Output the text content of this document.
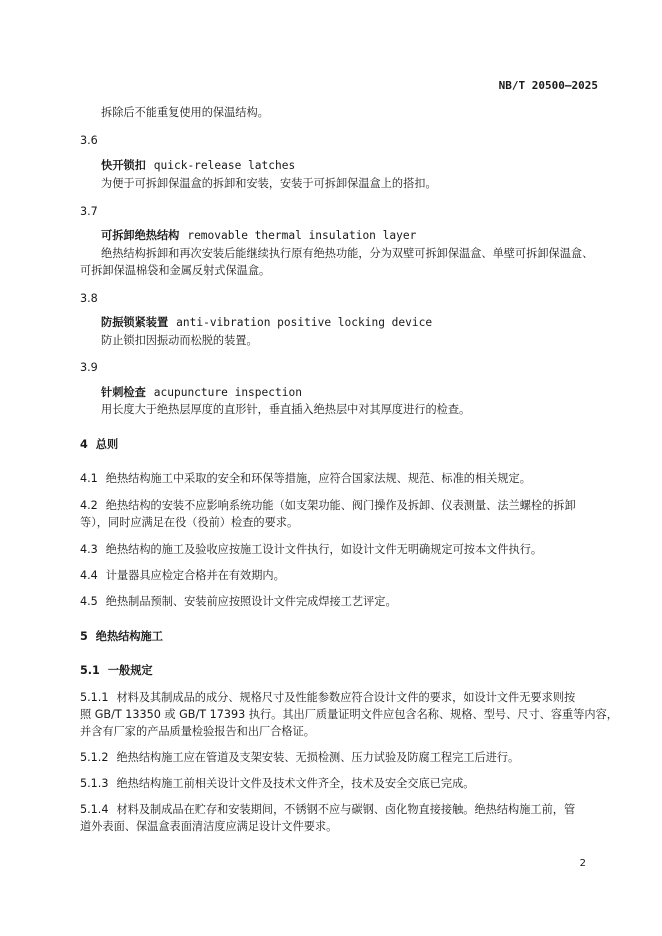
NB/T 20500—2025
拆除后不能重复使用的保温结构。
3.6
快开锁扣 quick-release latches
为便于可拆卸保温盒的拆卸和安装，安装于可拆卸保温盒上的搭扣。
3.7
可拆卸绝热结构 removable thermal insulation layer
绝热结构拆卸和再次安装后能继续执行原有绝热功能，分为双壁可拆卸保温盒、单壁可拆卸保温盒、
可拆卸保温棉袋和金属反射式保温盒。
3.8
防振锁紧装置 anti-vibration positive locking device
防止锁扣因振动而松脱的装置。
3.9
针刺检查 acupuncture inspection
用长度大于绝热层厚度的直形针，垂直插入绝热层中对其厚度进行的检查。
4 总则
4.1 绝热结构施工中采取的安全和环保等措施，应符合国家法规、规范、标准的相关规定。
4.2 绝热结构的安装不应影响系统功能（如支架功能、阀门操作及拆卸、仪表测量、法兰螺栓的拆卸
等），同时应满足在役（役前）检查的要求。
4.3 绝热结构的施工及验收应按施工设计文件执行，如设计文件无明确规定可按本文件执行。
4.4 计量器具应检定合格并在有效期内。
4.5 绝热制品预制、安装前应按照设计文件完成焊接工艺评定。
5 绝热结构施工
5.1 一般规定
5.1.1 材料及其制成品的成分、规格尺寸及性能参数应符合设计文件的要求，如设计文件无要求则按
照 GB/T 13350 或 GB/T 17393 执行。其出厂质量证明文件应包含名称、规格、型号、尺寸、容重等内容，
并含有厂家的产品质量检验报告和出厂合格证。
5.1.2 绝热结构施工应在管道及支架安装、无损检测、压力试验及防腐工程完工后进行。
5.1.3 绝热结构施工前相关设计文件及技术文件齐全，技术及安全交底已完成。
5.1.4 材料及制成品在贮存和安装期间，不锈钢不应与碳钢、卤化物直接接触。绝热结构施工前，管
道外表面、保温盒表面清洁度应满足设计文件要求。
2
